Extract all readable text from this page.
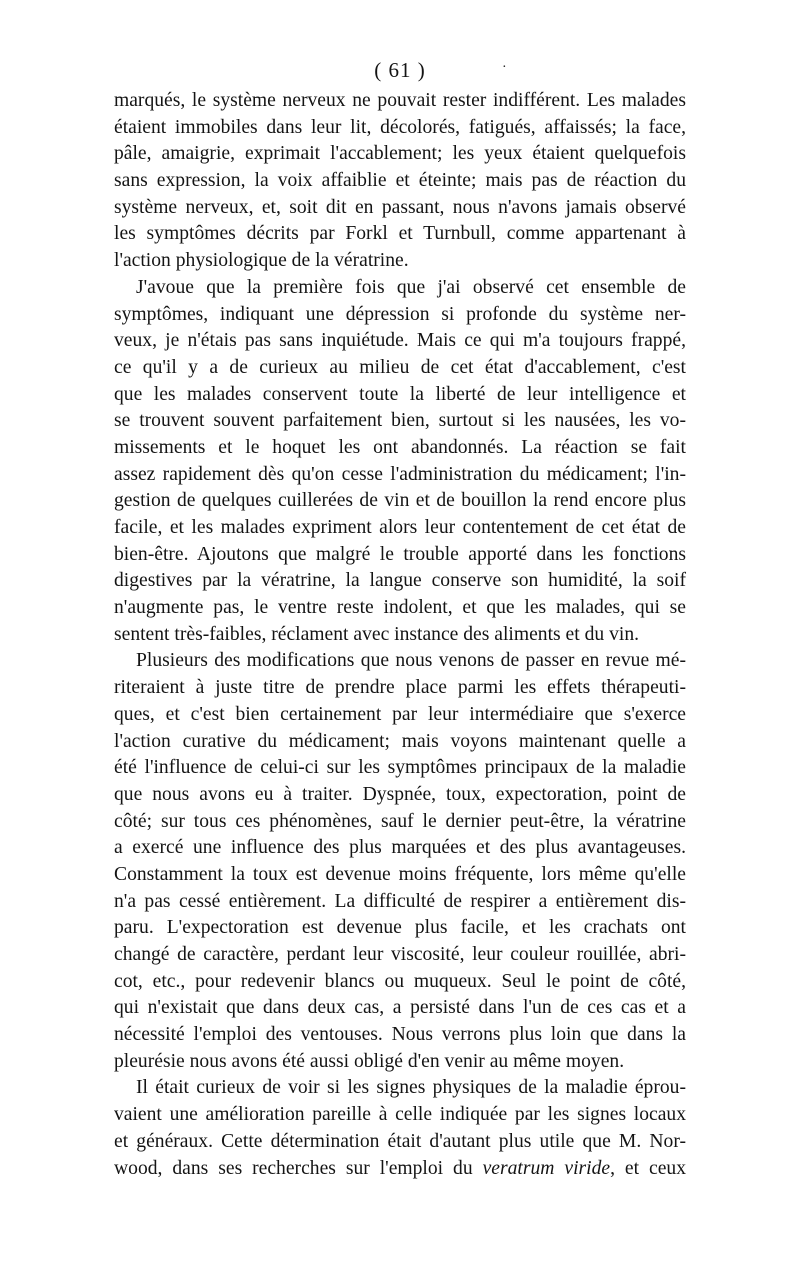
( 61 )	·
marqués, le système nerveux ne pouvait rester indifférent. Les malades
étaient immobiles dans leur lit, décolorés, fatigués, affaissés; la face,
pâle, amaigrie, exprimait l'accablement; les yeux étaient quelquefois
sans expression, la voix affaiblie et éteinte; mais pas de réaction du
système nerveux, et, soit dit en passant, nous n'avons jamais observé
les symptômes décrits par Forkl et Turnbull, comme appartenant à
l'action physiologique de la vératrine.
J'avoue que la première fois que j'ai observé cet ensemble de
symptômes, indiquant une dépression si profonde du système ner-
veux, je n'étais pas sans inquiétude. Mais ce qui m'a toujours frappé,
ce qu'il y a de curieux au milieu de cet état d'accablement, c'est
que les malades conservent toute la liberté de leur intelligence et
se trouvent souvent parfaitement bien, surtout si les nausées, les vo-
missements et le hoquet les ont abandonnés. La réaction se fait
assez rapidement dès qu'on cesse l'administration du médicament; l'in-
gestion de quelques cuillerées de vin et de bouillon la rend encore plus
facile, et les malades expriment alors leur contentement de cet état de
bien-être. Ajoutons que malgré le trouble apporté dans les fonctions
digestives par la vératrine, la langue conserve son humidité, la soif
n'augmente pas, le ventre reste indolent, et que les malades, qui se
sentent très-faibles, réclament avec instance des aliments et du vin.
Plusieurs des modifications que nous venons de passer en revue mé-
riteraient à juste titre de prendre place parmi les effets thérapeuti-
ques, et c'est bien certainement par leur intermédiaire que s'exerce
l'action curative du médicament; mais voyons maintenant quelle a
été l'influence de celui-ci sur les symptômes principaux de la maladie
que nous avons eu à traiter. Dyspnée, toux, expectoration, point de
côté; sur tous ces phénomènes, sauf le dernier peut-être, la vératrine
a exercé une influence des plus marquées et des plus avantageuses.
Constamment la toux est devenue moins fréquente, lors même qu'elle
n'a pas cessé entièrement. La difficulté de respirer a entièrement dis-
paru. L'expectoration est devenue plus facile, et les crachats ont
changé de caractère, perdant leur viscosité, leur couleur rouillée, abri-
cot, etc., pour redevenir blancs ou muqueux. Seul le point de côté,
qui n'existait que dans deux cas, a persisté dans l'un de ces cas et a
nécessité l'emploi des ventouses. Nous verrons plus loin que dans la
pleurésie nous avons été aussi obligé d'en venir au même moyen.
Il était curieux de voir si les signes physiques de la maladie éprou-
vaient une amélioration pareille à celle indiquée par les signes locaux
et généraux. Cette détermination était d'autant plus utile que M. Nor-
wood, dans ses recherches sur l'emploi du veratrum viride, et ceux
